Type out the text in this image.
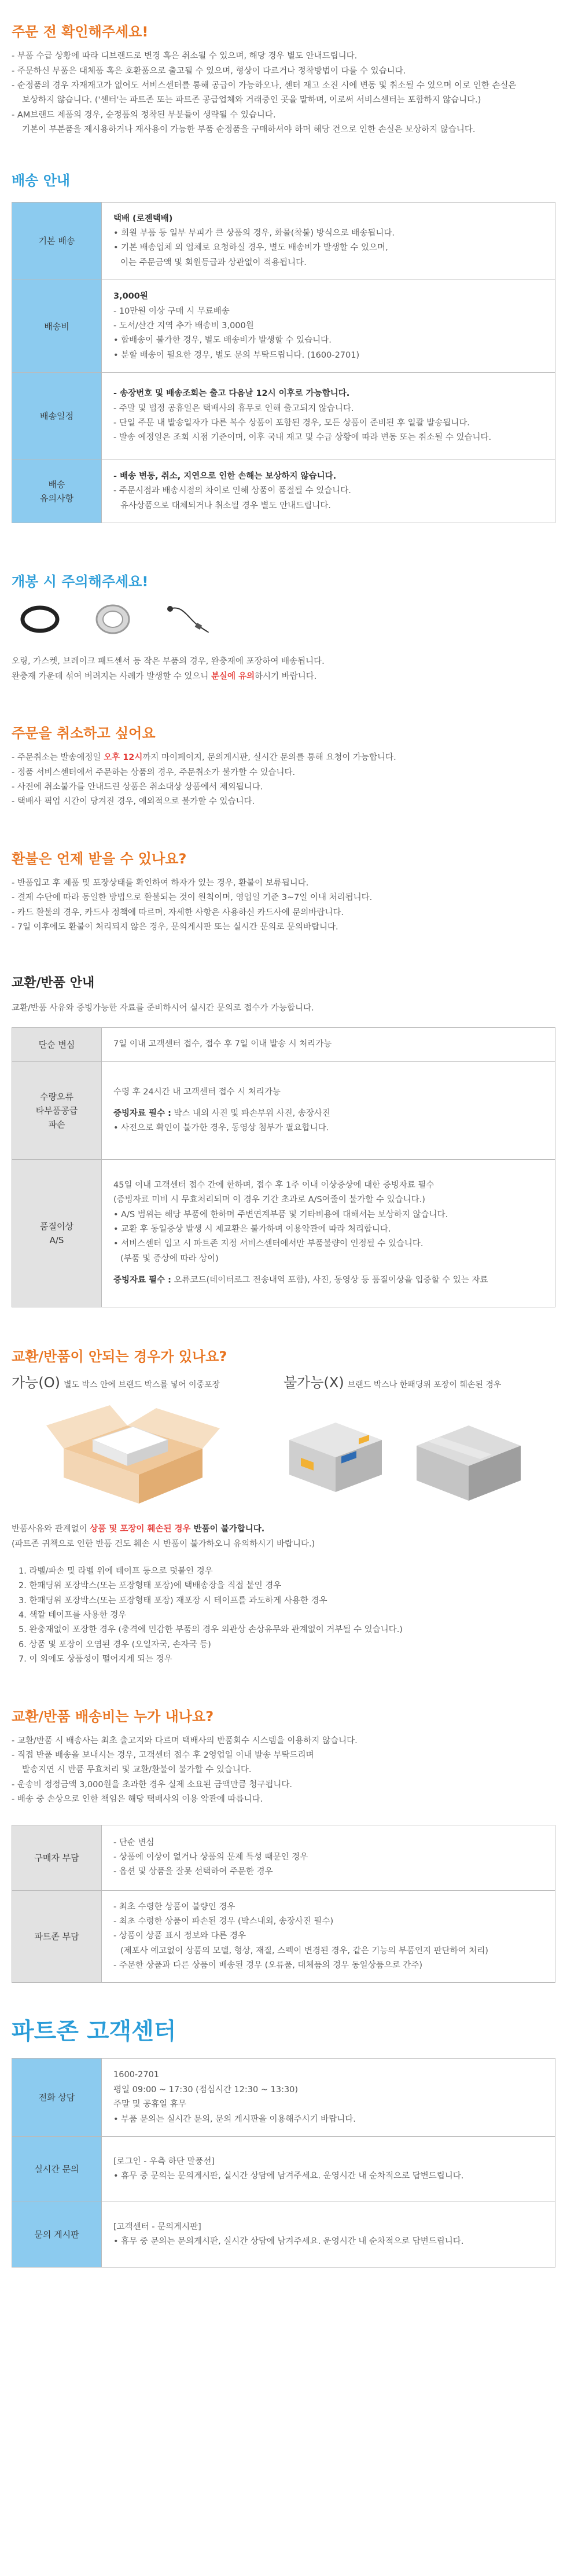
주문 전 확인해주세요!

- 부품 수급 상황에 따라 디브랜드로 변경 혹은 취소될 수 있으며, 해당 경우 별도 안내드립니다.

- 주문하신 부품은 대체품 혹은 호환품으로 출고될 수 있으며, 형상이 다르거나 정착방법이 다를 수 있습니다.

- 순정품의 경우 자재재고가 없어도 서비스센터를 통해 공급이 가능하오나, 센터 재고 소진 시에 변동 및 취소될 수 있으며 이로 인한 손실은

보상하지 않습니다. ('센터'는 파트존 또는 파트존 공급업체와 거래중인 곳을 말하며, 이로써 서비스센터는 포함하지 않습니다.)

- AM브랜드 제품의 경우, 순정품의 정착된 부분들이 생략될 수 있습니다.

기본이 부분품을 제시용하거나 재사용이 가능한 부품 순정품을 구매하셔야 하며 해당 건으로 인한 손실은 보상하지 않습니다.

배송 안내
기본 배송

택배 (로젠택배)

• 회원 부품 등 일부 부피가 큰 상품의 경우, 화물(착불) 방식으로 배송됩니다.

• 기본 배송업체 외 업체로 요청하실 경우, 별도 배송비가 발생할 수 있으며,

이는 주문금액 및 회원등급과 상관없이 적용됩니다.

배송비

3,000원

- 10만원 이상 구매 시 무료배송

- 도서/산간 지역 추가 배송비 3,000원

• 합배송이 불가한 경우, 별도 배송비가 발생할 수 있습니다.

• 분할 배송이 필요한 경우, 별도 문의 부탁드립니다. (1600-2701)

배송일정

- 송장번호 및 배송조회는 출고 다음날 12시 이후로 가능합니다.

- 주말 및 법정 공휴일은 택배사의 휴무로 인해 출고되지 않습니다.

- 단일 주문 내 발송일자가 다른 복수 상품이 포함된 경우, 모든 상품이 준비된 후 일괄 발송됩니다.

- 발송 예정일은 조회 시점 기준이며, 이후 국내 재고 및 수급 상황에 따라 변동 또는 취소될 수 있습니다.

배송
유의사항

- 배송 변동, 취소, 지연으로 인한 손해는 보상하지 않습니다.

- 주문시점과 배송시점의 차이로 인해 상품이 품절될 수 있습니다.

유사상품으로 대체되거나 취소될 경우 별도 안내드립니다.

개봉 시 주의해주세요!

오링, 가스켓, 브레이크 패드센서 등 작은 부품의 경우, 완충재에 포장하여 배송됩니다.

완충재 가운데 섞여 버려지는 사례가 발생할 수 있으니 분실에 유의하시기 바랍니다.

주문을 취소하고 싶어요

- 주문취소는 발송예정일 오후 12시까지 마이페이지, 문의게시판, 실시간 문의를 통해 요청이 가능합니다.

- 정품 서비스센터에서 주문하는 상품의 경우, 주문취소가 불가할 수 있습니다.

- 사전에 취소불가를 안내드린 상품은 취소대상 상품에서 제외됩니다.

- 택배사 픽업 시간이 당겨진 경우, 예외적으로 불가할 수 있습니다.

환불은 언제 받을 수 있나요?

- 반품입고 후 제품 및 포장상태를 확인하여 하자가 있는 경우, 환불이 보류됩니다.

- 결제 수단에 따라 동일한 방법으로 환불되는 것이 원칙이며, 영업일 기준 3~7일 이내 처리됩니다.

- 카드 환불의 경우, 카드사 정책에 따르며, 자세한 사항은 사용하신 카드사에 문의바랍니다.

- 7일 이후에도 환불이 처리되지 않은 경우, 문의게시판 또는 실시간 문의로 문의바랍니다.

교환/반품 안내

교환/반품 사유와 증빙가능한 자료를 준비하시어 실시간 문의로 접수가 가능합니다.

단순 변심	7일 이내 고객센터 접수, 접수 후 7일 이내 발송 시 처리가능

수량오류
타부품공급
파손

수령 후 24시간 내 고객센터 접수 시 처리가능

증빙자료 필수 : 박스 내외 사진 및 파손부위 사진, 송장사진

• 사전으로 확인이 불가한 경우, 동영상 첨부가 필요합니다.

품질이상
A/S

45일 이내 고객센터 접수 간에 한하며, 접수 후 1주 이내 이상증상에 대한 증빙자료 필수

(증빙자료 미비 시 무효처리되며 이 경우 기간 초과로 A/S여줄이 불가할 수 있습니다.)

• A/S 범위는 해당 부품에 한하며 주변연계부품 및 기타비용에 대해서는 보상하지 않습니다.

• 교환 후 동일증상 발생 시 제교환은 불가하며 이용약관에 따라 처리합니다.

• 서비스센터 입고 시 파트존 지정 서비스센터에서만 부품불량이 인정될 수 있습니다.

(부품 및 증상에 따라 상이)

증빙자료 필수 : 오류코드(데이터로그 전송내역 포함), 사진, 동영상 등 품질이상을 입증할 수 있는 자료

교환/반품이 안되는 경우가 있나요?
가능(O) 별도 박스 안에 브랜드 박스를 넣어 이중포장	불가능(X) 브랜드 박스나 한패딩위 포장이 훼손된 경우

반품사유와 관계없이 상품 및 포장이 훼손된 경우 반품이 불가합니다.

(파트존 귀책으로 인한 반품 건도 훼손 시 반품이 불가하오니 유의하시기 바랍니다.)

1. 라벨/파손 및 라벨 위에 테이프 등으로 덧붙인 경우

2. 한패딩위 포장박스(또는 포장형태 포장)에 택배송장을 직접 붙인 경우

3. 한패딩위 포장박스(또는 포장형태 포장) 재포장 시 테이프를 과도하게 사용한 경우

4. 색깔 테이프를 사용한 경우

5. 완충재없이 포장한 경우 (충격에 민감한 부품의 경우 외관상 손상유무와 관계없이 거부될 수 있습니다.)

6. 상품 및 포장이 오염된 경우 (오일자국, 손자국 등)

7. 이 외에도 상품성이 떨어지게 되는 경우

교환/반품 배송비는 누가 내나요?

- 교환/반품 시 배송사는 최초 출고지와 다르며 택배사의 반품회수 시스템을 이용하지 않습니다.

- 직접 반품 배송을 보내시는 경우, 고객센터 접수 후 2영업일 이내 발송 부탁드리며

발송지연 시 반품 무효처리 및 교환/환불이 불가할 수 있습니다.

- 운송비 정정금액 3,000원을 초과한 경우 실제 소요된 금액만큼 청구됩니다.

- 배송 중 손상으로 인한 책임은 해당 택배사의 이용 약관에 따릅니다.

구매자 부담

- 단순 변심

- 상품에 이상이 없거나 상품의 문제 특성 때문인 경우

- 옵션 및 상품을 잘못 선택하여 주문한 경우

파트존 부담

- 최초 수령한 상품이 불량인 경우

- 최초 수령한 상품이 파손된 경우 (박스내외, 송장사진 필수)

- 상품이 상품 표시 정보와 다른 경우

(제포사 예고없이 상품의 모델, 형상, 재질, 스펙이 변경된 경우, 같은 기능의 부품인지 판단하여 처리)

- 주문한 상품과 다른 상품이 배송된 경우 (오류품, 대체품의 경우 동일상품으로 간주)

파트존 고객센터
전화 상담

1600-2701

평일 09:00 ~ 17:30 (점심시간 12:30 ~ 13:30)

주말 및 공휴일 휴무

• 부품 문의는 실시간 문의, 문의 게시판을 이용해주시기 바랍니다.

실시간 문의

[로그인 - 우측 하단 말풍선]

• 휴무 중 문의는 문의게시판, 실시간 상담에 남겨주세요. 운영시간 내 순차적으로 답변드립니다.

문의 게시판

[고객센터 - 문의게시판]

• 휴무 중 문의는 문의게시판, 실시간 상담에 남겨주세요. 운영시간 내 순차적으로 답변드립니다.
